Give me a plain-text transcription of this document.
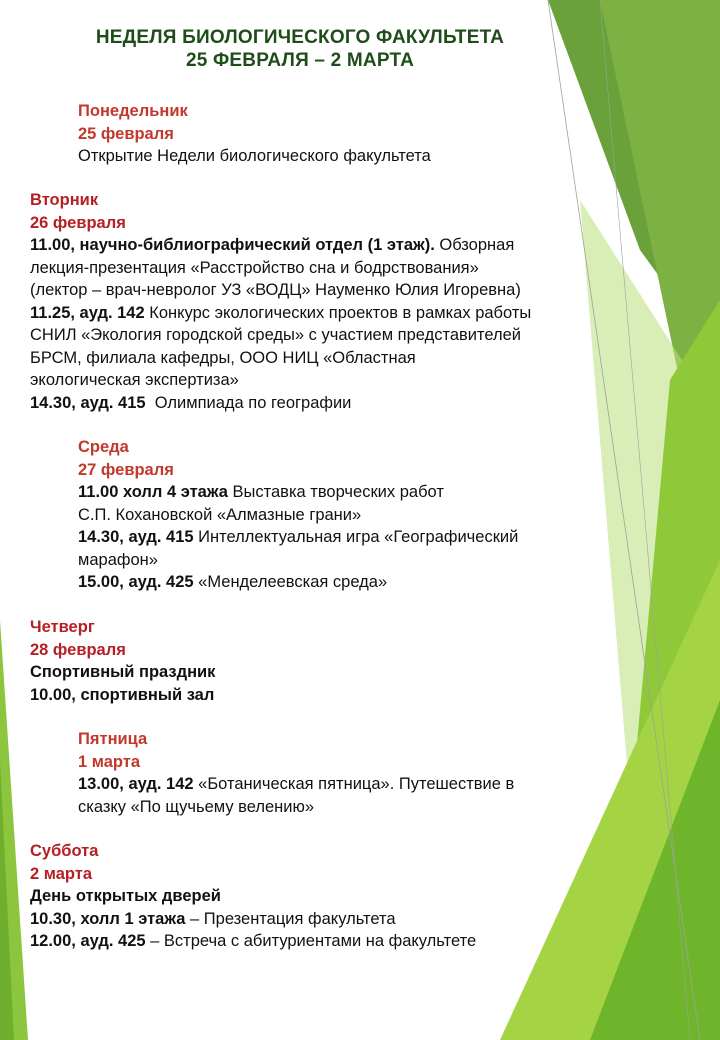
НЕДЕЛЯ БИОЛОГИЧЕСКОГО ФАКУЛЬТЕТА
25 ФЕВРАЛЯ – 2 МАРТА
Понедельник
25 февраля
Открытие Недели биологического факультета
Вторник
26 февраля
11.00, научно-библиографический отдел (1 этаж). Обзорная
лекция-презентация «Расстройство сна и бодрствования»
(лектор – врач-невролог УЗ «ВОДЦ» Науменко Юлия Игоревна)
11.25, ауд. 142 Конкурс экологических проектов в рамках работы
СНИЛ «Экология городской среды» с участием представителей
БРСМ, филиала кафедры, ООО НИЦ «Областная
экологическая экспертиза»
14.30, ауд. 415  Олимпиада по географии
Среда
27 февраля
11.00 холл 4 этажа Выставка творческих работ
С.П. Кохановской «Алмазные грани»
14.30, ауд. 415 Интеллектуальная игра «Географический
марафон»
15.00, ауд. 425 «Менделеевская среда»
Четверг
28 февраля
Спортивный праздник
10.00, спортивный зал
Пятница
1 марта
13.00, ауд. 142 «Ботаническая пятница». Путешествие в
сказку «По щучьему велению»
Суббота
2 марта
День открытых дверей
10.30, холл 1 этажа – Презентация факультета
12.00, ауд. 425 – Встреча с абитуриентами на факультете
